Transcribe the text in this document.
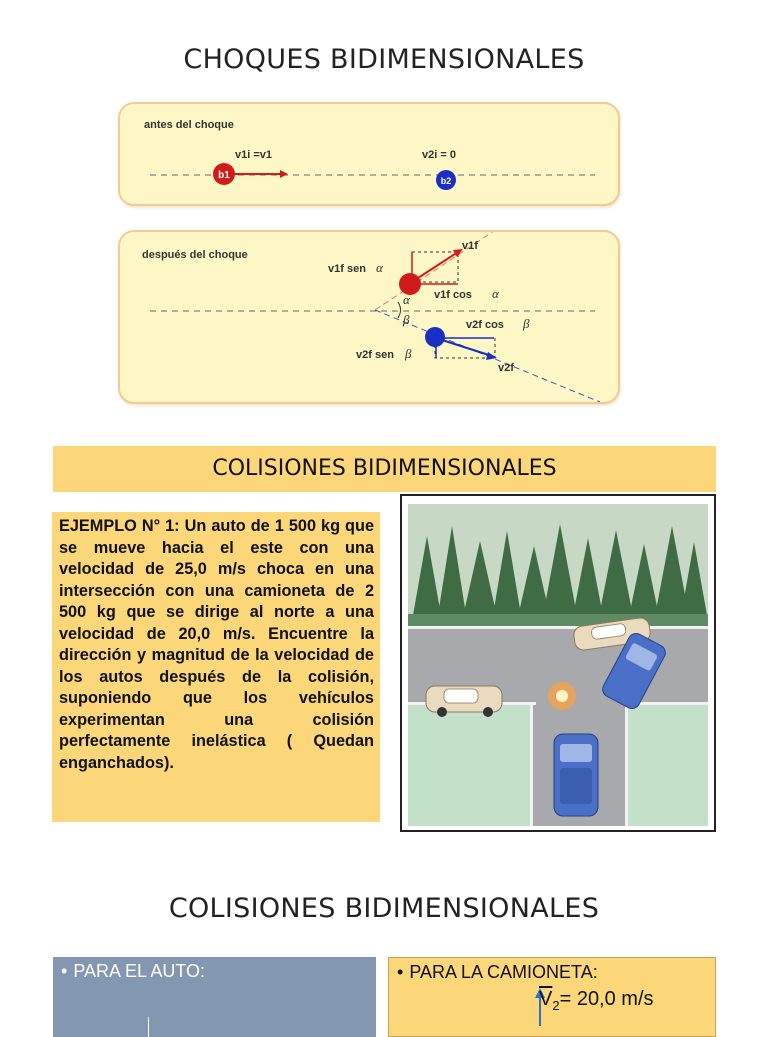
CHOQUES BIDIMENSIONALES
antes del choque
b1
v1i =v1
b2
v2i = 0
después del choque
v1f
v1f sen α
v1f cos α
α
β	v2f cos β
v2f sen β
v2f
COLISIONES BIDIMENSIONALES

EJEMPLO N° 1: Un auto de 1 500 kg que se mueve hacia el este con una velocidad de 25,0 m/s choca en una intersección con una camioneta de 2 500 kg que se dirige al norte a una velocidad de 20,0 m/s. Encuentre la dirección y magnitud de la velocidad de los autos después de la colisión, suponiendo que los vehículos experimentan una colisión perfectamente inelástica ( Quedan enganchados).

COLISIONES BIDIMENSIONALES
• PARA EL AUTO:	• PARA LA CAMIONETA:
$\overline{V}_2= 20,0$ m/s
